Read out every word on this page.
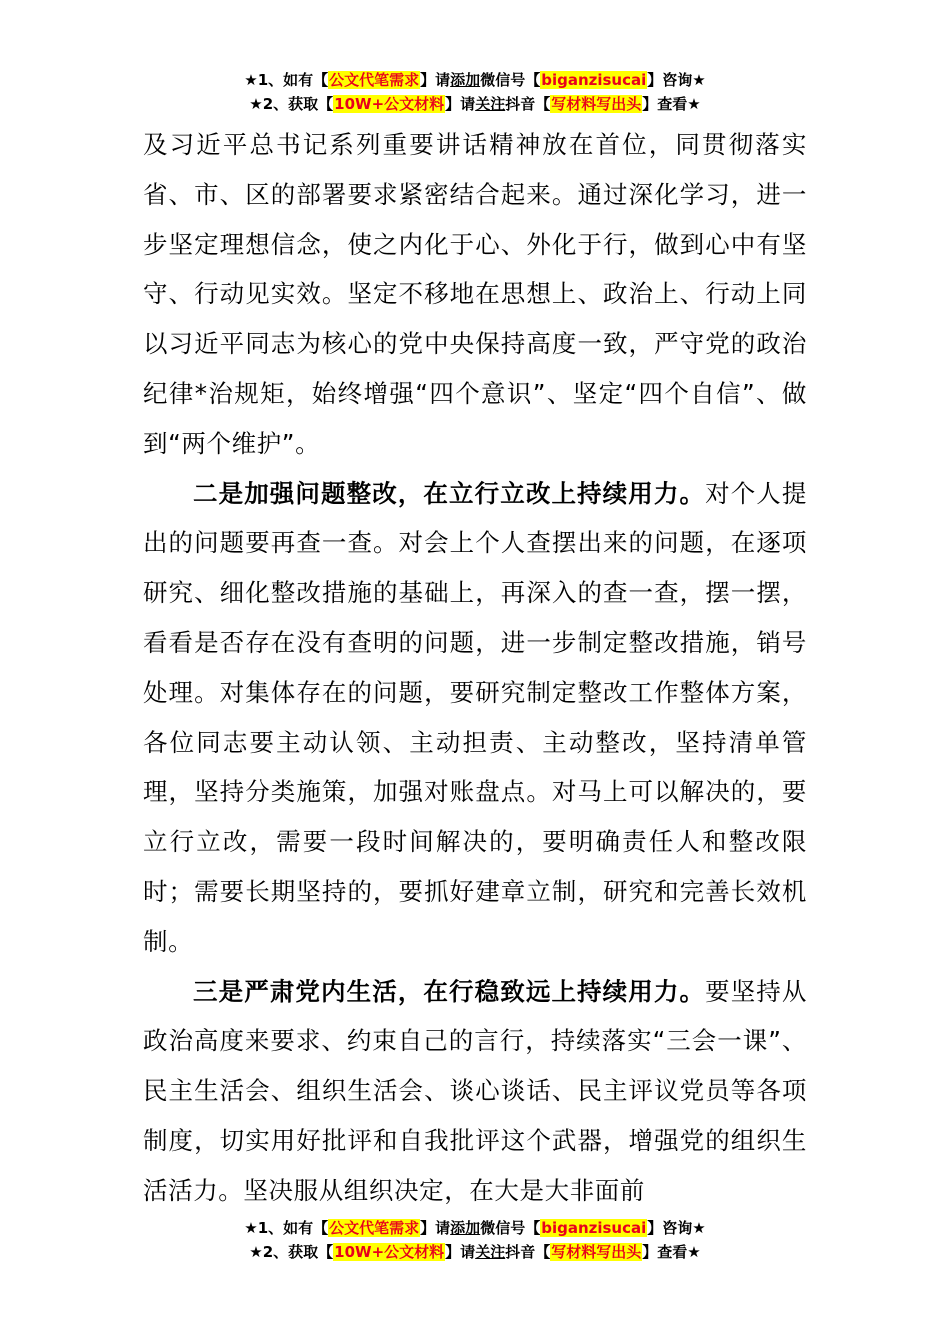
★1、如有【公文代笔需求】请添加微信号【biganzisucai】咨询★
★2、获取【10W+公文材料】请关注抖音【写材料写出头】查看★

及习近平总书记系列重要讲话精神放在首位，同贯彻落实省、市、区的部署要求紧密结合起来。通过深化学习，进一步坚定理想信念，使之内化于心、外化于行，做到心中有坚守、行动见实效。坚定不移地在思想上、政治上、行动上同以习近平同志为核心的党中央保持高度一致，严守党的政治纪律*治规矩，始终增强“四个意识”、坚定“四个自信”、做到“两个维护”。

二是加强问题整改，在立行立改上持续用力。对个人提出的问题要再查一查。对会上个人查摆出来的问题，在逐项研究、细化整改措施的基础上，再深入的查一查，摆一摆，看看是否存在没有查明的问题，进一步制定整改措施，销号处理。对集体存在的问题，要研究制定整改工作整体方案，各位同志要主动认领、主动担责、主动整改，坚持清单管理，坚持分类施策，加强对账盘点。对马上可以解决的，要立行立改，需要一段时间解决的，要明确责任人和整改限时；需要长期坚持的，要抓好建章立制，研究和完善长效机制。

三是严肃党内生活，在行稳致远上持续用力。要坚持从政治高度来要求、约束自己的言行，持续落实“三会一课”、民主生活会、组织生活会、谈心谈话、民主评议党员等各项制度，切实用好批评和自我批评这个武器，增强党的组织生活活力。坚决服从组织决定，在大是大非面前

★1、如有【公文代笔需求】请添加微信号【biganzisucai】咨询★
★2、获取【10W+公文材料】请关注抖音【写材料写出头】查看★
